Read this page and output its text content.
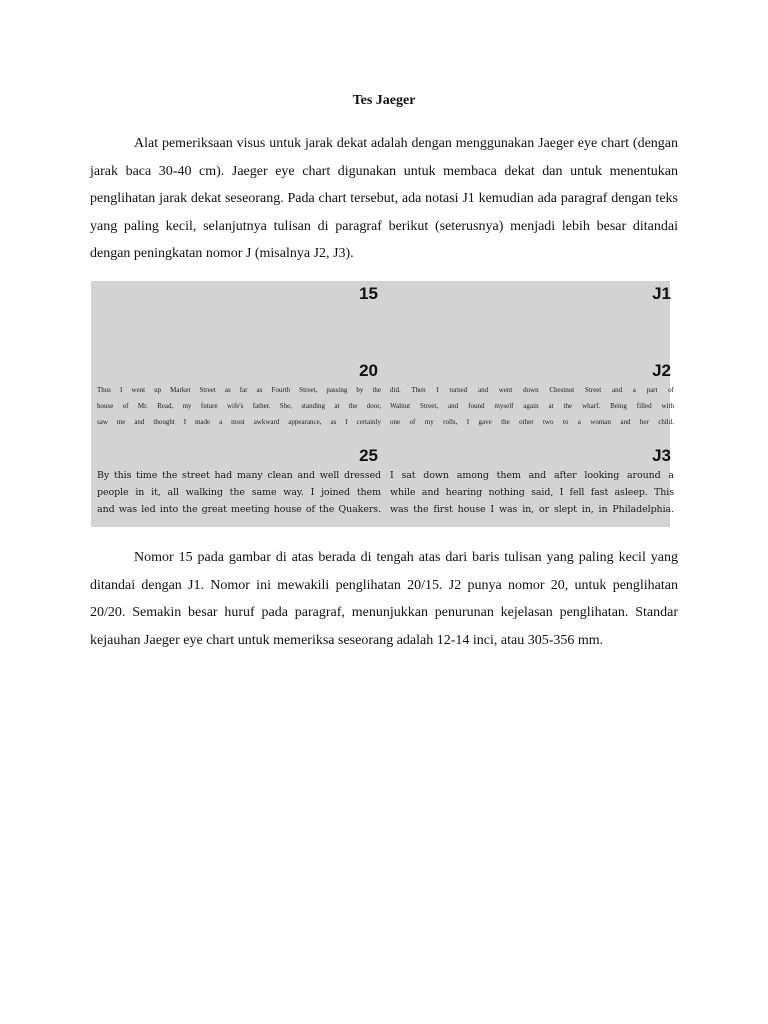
Tes Jaeger

Alat pemeriksaan visus untuk jarak dekat adalah dengan menggunakan Jaeger eye chart (dengan jarak baca 30-40 cm). Jaeger eye chart digunakan untuk membaca dekat dan untuk menentukan penglihatan jarak dekat seseorang. Pada chart tersebut, ada notasi J1 kemudian ada paragraf dengan teks yang paling kecil, selanjutnya tulisan di paragraf berikut (seterusnya) menjadi lebih besar ditandai dengan peningkatan nomor J (misalnya J2, J3).

15
20
Thus I went up Market Street as far as Fourth Street, passing by the
house of Mr. Read, my future wife's father. She, standing at the door,
saw me and thought I made a most awkward appearance, as I certainly
25
By this time the street had many clean and well dressed
people in it, all walking the same way. I joined them
and was led into the great meeting house of the Quakers.
J1
J2
did. Then I turned and went down Chestnut Street and a part of
Walnut Street, and found myself again at the wharf. Being filled with
one of my rolls, I gave the other two to a woman and her child.
J3
I sat down among them and after looking around a
while and hearing nothing said, I fell fast asleep. This
was the first house I was in, or slept in, in Philadelphia.

Nomor 15 pada gambar di atas berada di tengah atas dari baris tulisan yang paling kecil yang ditandai dengan J1. Nomor ini mewakili penglihatan 20/15. J2 punya nomor 20, untuk penglihatan 20/20. Semakin besar huruf pada paragraf, menunjukkan penurunan kejelasan penglihatan. Standar kejauhan Jaeger eye chart untuk memeriksa seseorang adalah 12-14 inci, atau 305-356 mm.
